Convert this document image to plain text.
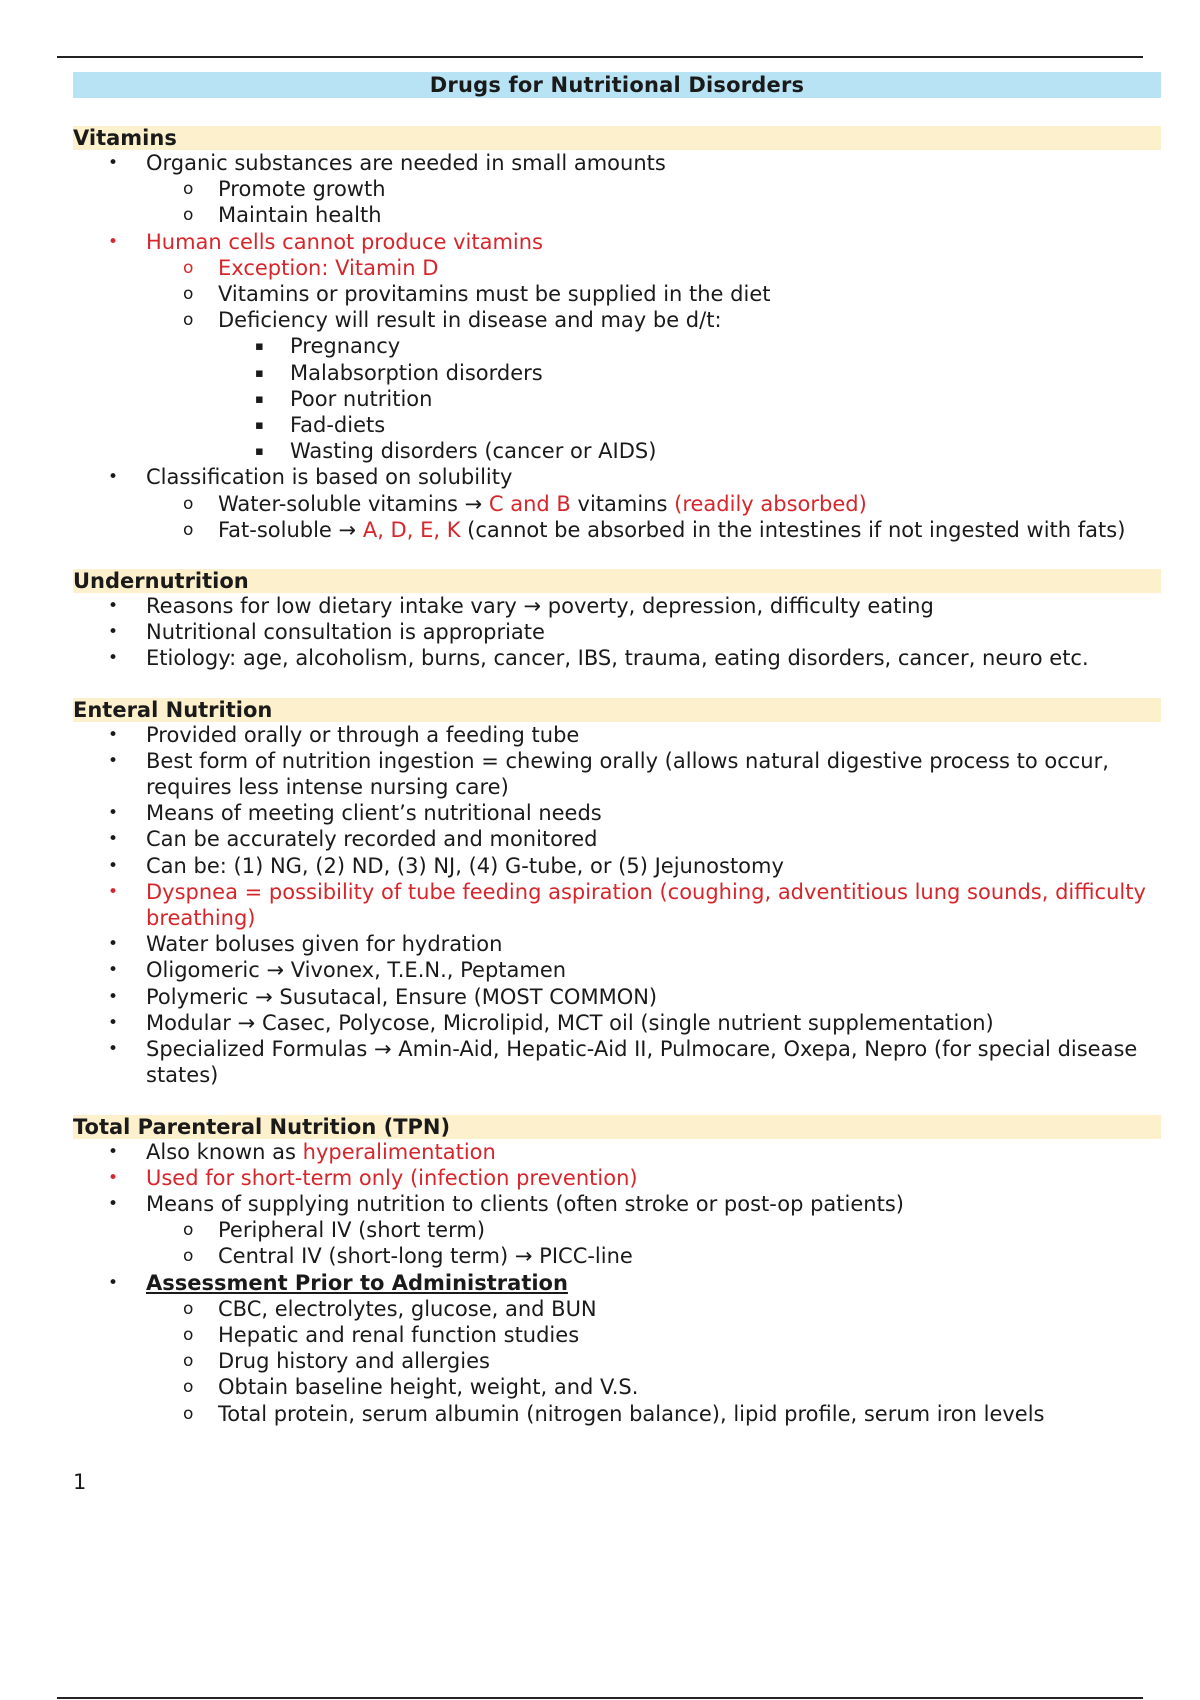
Drugs for Nutritional Disorders
Vitamins
• Organic substances are needed in small amounts
o Promote growth
o Maintain health
• Human cells cannot produce vitamins
o Exception: Vitamin D
o Vitamins or provitamins must be supplied in the diet
o Deficiency will result in disease and may be d/t:
▪ Pregnancy
▪ Malabsorption disorders
▪ Poor nutrition
▪ Fad-diets
▪ Wasting disorders (cancer or AIDS)
• Classification is based on solubility
o Water-soluble vitamins → C and B vitamins (readily absorbed)
o Fat-soluble → A, D, E, K (cannot be absorbed in the intestines if not ingested with fats)
Undernutrition
• Reasons for low dietary intake vary → poverty, depression, difficulty eating
• Nutritional consultation is appropriate
• Etiology: age, alcoholism, burns, cancer, IBS, trauma, eating disorders, cancer, neuro etc.
Enteral Nutrition
• Provided orally or through a feeding tube
• Best form of nutrition ingestion = chewing orally (allows natural digestive process to occur, requires less intense nursing care)
• Means of meeting client’s nutritional needs
• Can be accurately recorded and monitored
• Can be: (1) NG, (2) ND, (3) NJ, (4) G-tube, or (5) Jejunostomy
• Dyspnea = possibility of tube feeding aspiration (coughing, adventitious lung sounds, difficulty breathing)
• Water boluses given for hydration
• Oligomeric → Vivonex, T.E.N., Peptamen
• Polymeric → Susutacal, Ensure (MOST COMMON)
• Modular → Casec, Polycose, Microlipid, MCT oil (single nutrient supplementation)
• Specialized Formulas → Amin-Aid, Hepatic-Aid II, Pulmocare, Oxepa, Nepro (for special disease states)
Total Parenteral Nutrition (TPN)
• Also known as hyperalimentation
• Used for short-term only (infection prevention)
• Means of supplying nutrition to clients (often stroke or post-op patients)
o Peripheral IV (short term)
o Central IV (short-long term) → PICC-line
• Assessment Prior to Administration
o CBC, electrolytes, glucose, and BUN
o Hepatic and renal function studies
o Drug history and allergies
o Obtain baseline height, weight, and V.S.
o Total protein, serum albumin (nitrogen balance), lipid profile, serum iron levels
1
